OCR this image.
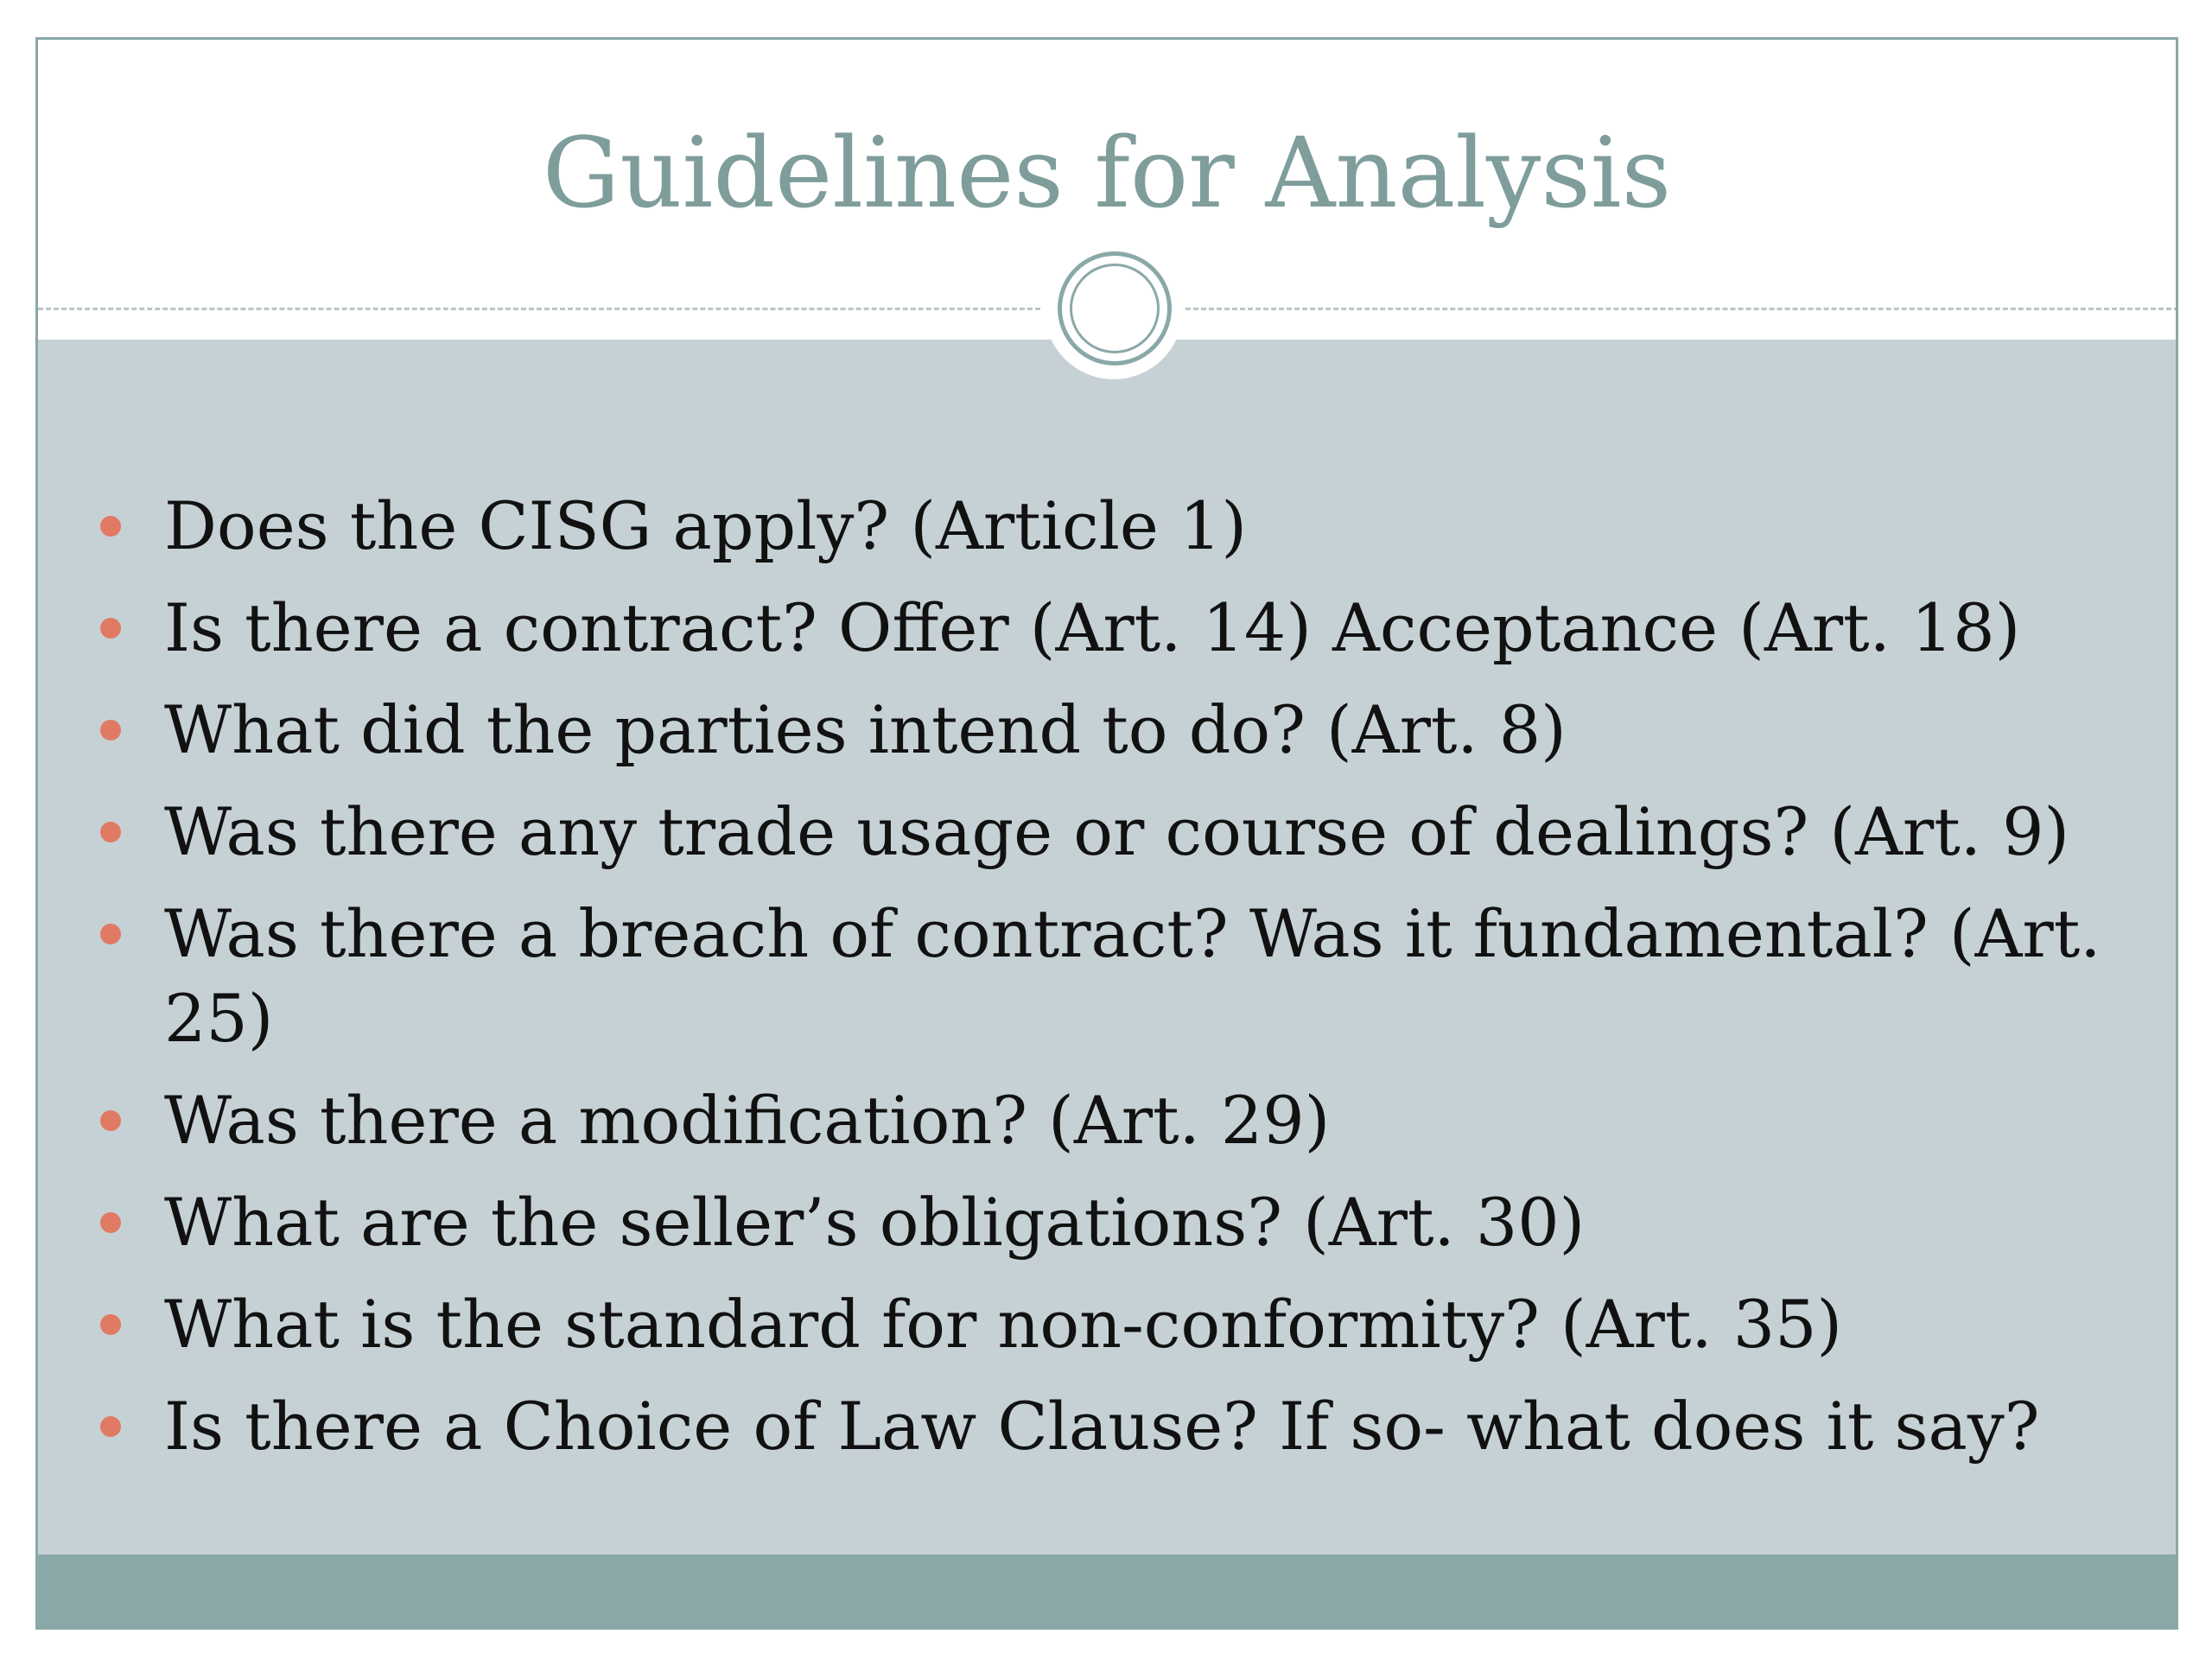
Guidelines for Analysis
Does the CISG apply? (Article 1)
Is there a contract? Offer (Art. 14) Acceptance (Art. 18)
What did the parties intend to do? (Art. 8)
Was there any trade usage or course of dealings? (Art. 9)
Was there a breach of contract? Was it fundamental? (Art. 25)
Was there a modification? (Art. 29)
What are the seller’s obligations? (Art. 30)
What is the standard for non-conformity? (Art. 35)
Is there a Choice of Law Clause? If so- what does it say?
